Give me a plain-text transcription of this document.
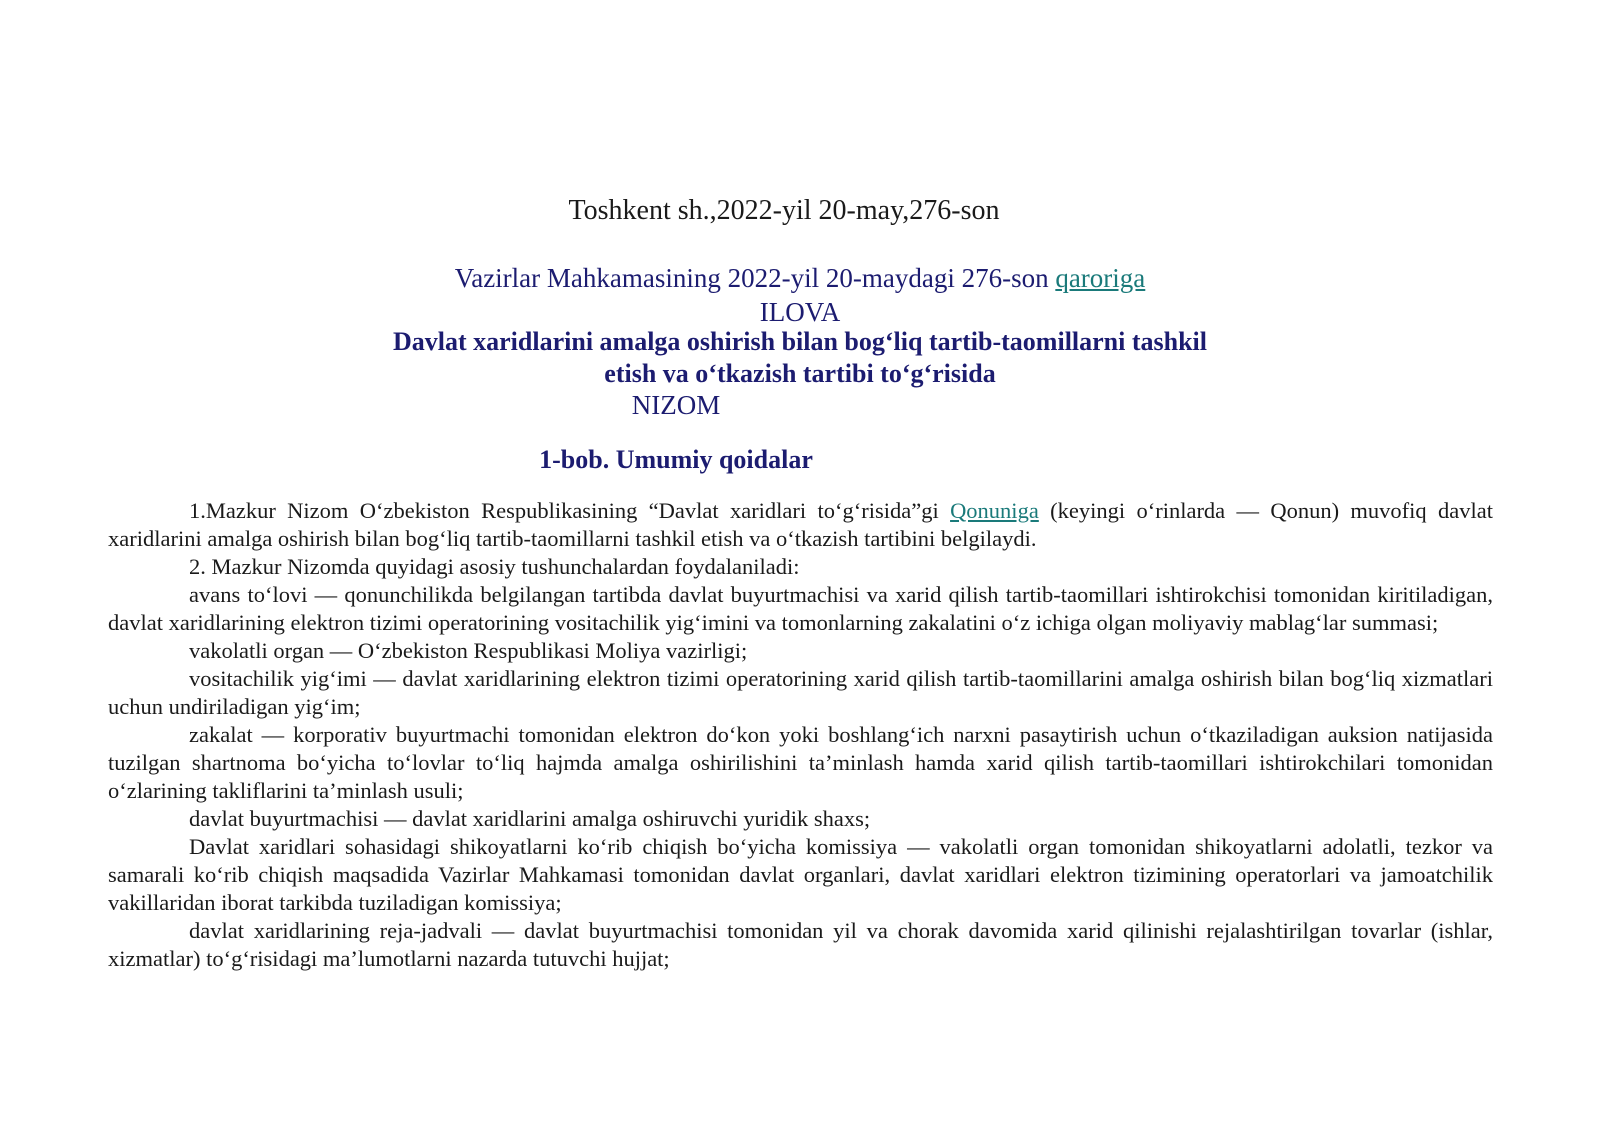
Toshkent sh.,2022-yil 20-may,276-son
Vazirlar Mahkamasining 2022-yil 20-maydagi 276-son qaroriga
ILOVA
Davlat xaridlarini amalga oshirish bilan bog‘liq tartib-taomillarni tashkil
etish va o‘tkazish tartibi to‘g‘risida
NIZOM
1-bob. Umumiy qoidalar

1.Mazkur Nizom O‘zbekiston Respublikasining “Davlat xaridlari to‘g‘risida”gi Qonuniga (keyingi o‘rinlarda — Qonun) muvofiq davlat xaridlarini amalga oshirish bilan bog‘liq tartib-taomillarni tashkil etish va o‘tkazish tartibini belgilaydi.

2. Mazkur Nizomda quyidagi asosiy tushunchalardan foydalaniladi:

avans to‘lovi — qonunchilikda belgilangan tartibda davlat buyurtmachisi va xarid qilish tartib-taomillari ishtirokchisi tomonidan kiritiladigan, davlat xaridlarining elektron tizimi operatorining vositachilik yig‘imini va tomonlarning zakalatini o‘z ichiga olgan moliyaviy mablag‘lar summasi;

vakolatli organ — O‘zbekiston Respublikasi Moliya vazirligi;

vositachilik yig‘imi — davlat xaridlarining elektron tizimi operatorining xarid qilish tartib-taomillarini amalga oshirish bilan bog‘liq xizmatlari uchun undiriladigan yig‘im;

zakalat — korporativ buyurtmachi tomonidan elektron do‘kon yoki boshlang‘ich narxni pasaytirish uchun o‘tkaziladigan auksion natijasida tuzilgan shartnoma bo‘yicha to‘lovlar to‘liq hajmda amalga oshirilishini ta’minlash hamda xarid qilish tartib-taomillari ishtirokchilari tomonidan o‘zlarining takliflarini ta’minlash usuli;

davlat buyurtmachisi — davlat xaridlarini amalga oshiruvchi yuridik shaxs;

Davlat xaridlari sohasidagi shikoyatlarni ko‘rib chiqish bo‘yicha komissiya — vakolatli organ tomonidan shikoyatlarni adolatli, tezkor va samarali ko‘rib chiqish maqsadida Vazirlar Mahkamasi tomonidan davlat organlari, davlat xaridlari elektron tizimining operatorlari va jamoatchilik vakillaridan iborat tarkibda tuziladigan komissiya;

davlat xaridlarining reja-jadvali — davlat buyurtmachisi tomonidan yil va chorak davomida xarid qilinishi rejalashtirilgan tovarlar (ishlar, xizmatlar) to‘g‘risidagi ma’lumotlarni nazarda tutuvchi hujjat;
